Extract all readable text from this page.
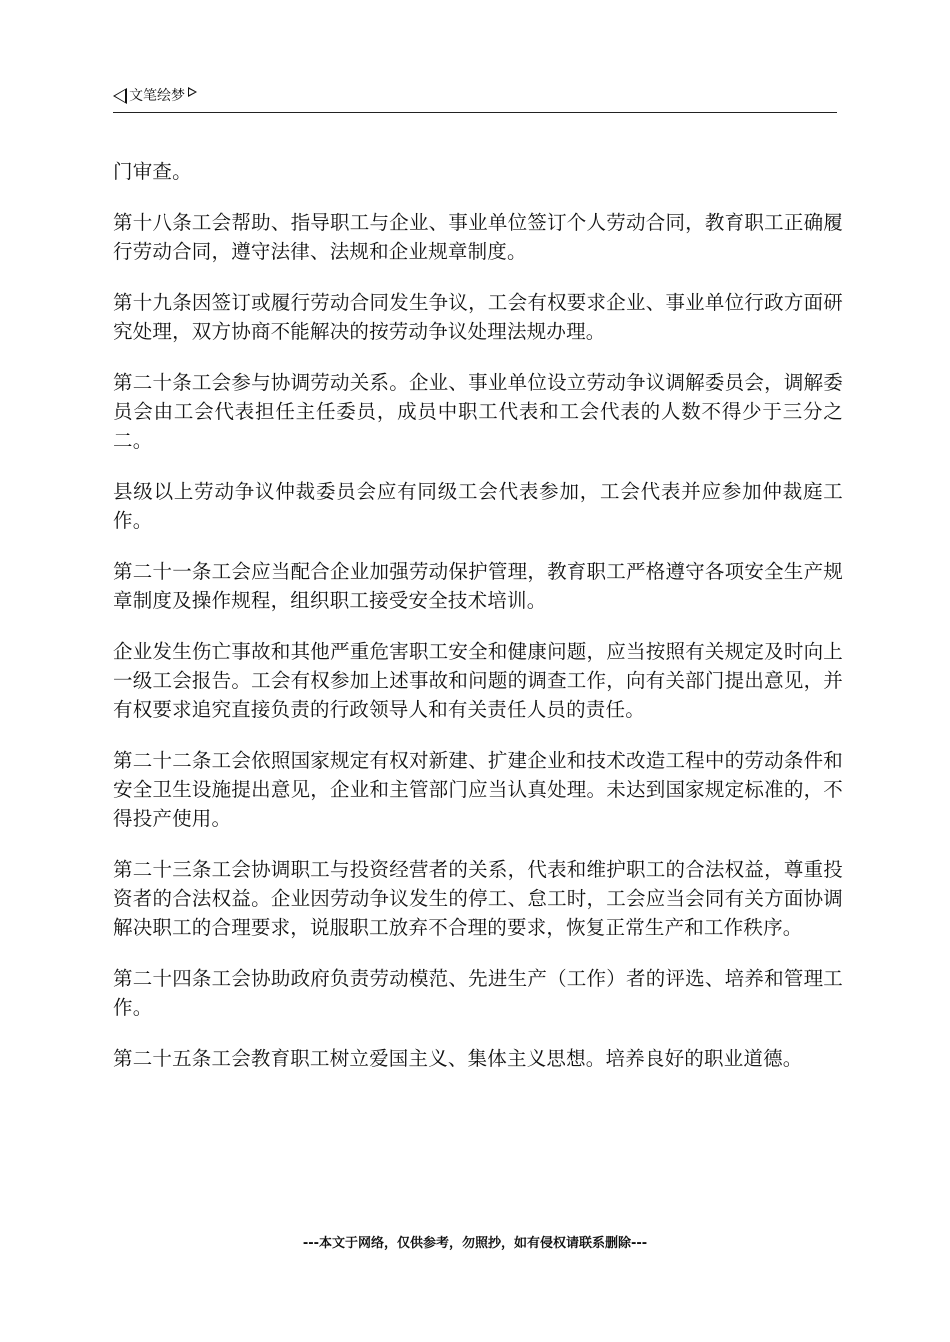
文笔绘梦

门审查。

第十八条工会帮助、指导职工与企业、事业单位签订个人劳动合同，教育职工正确履行劳动合同，遵守法律、法规和企业规章制度。

第十九条因签订或履行劳动合同发生争议，工会有权要求企业、事业单位行政方面研究处理，双方协商不能解决的按劳动争议处理法规办理。

第二十条工会参与协调劳动关系。企业、事业单位设立劳动争议调解委员会，调解委员会由工会代表担任主任委员，成员中职工代表和工会代表的人数不得少于三分之二。

县级以上劳动争议仲裁委员会应有同级工会代表参加，工会代表并应参加仲裁庭工作。

第二十一条工会应当配合企业加强劳动保护管理，教育职工严格遵守各项安全生产规章制度及操作规程，组织职工接受安全技术培训。

企业发生伤亡事故和其他严重危害职工安全和健康问题，应当按照有关规定及时向上一级工会报告。工会有权参加上述事故和问题的调查工作，向有关部门提出意见，并有权要求追究直接负责的行政领导人和有关责任人员的责任。

第二十二条工会依照国家规定有权对新建、扩建企业和技术改造工程中的劳动条件和安全卫生设施提出意见，企业和主管部门应当认真处理。未达到国家规定标准的，不得投产使用。

第二十三条工会协调职工与投资经营者的关系，代表和维护职工的合法权益，尊重投资者的合法权益。企业因劳动争议发生的停工、怠工时，工会应当会同有关方面协调解决职工的合理要求，说服职工放弃不合理的要求，恢复正常生产和工作秩序。

第二十四条工会协助政府负责劳动模范、先进生产（工作）者的评选、培养和管理工作。

第二十五条工会教育职工树立爱国主义、集体主义思想。培养良好的职业道德。

---本文于网络，仅供参考，勿照抄，如有侵权请联系删除---
